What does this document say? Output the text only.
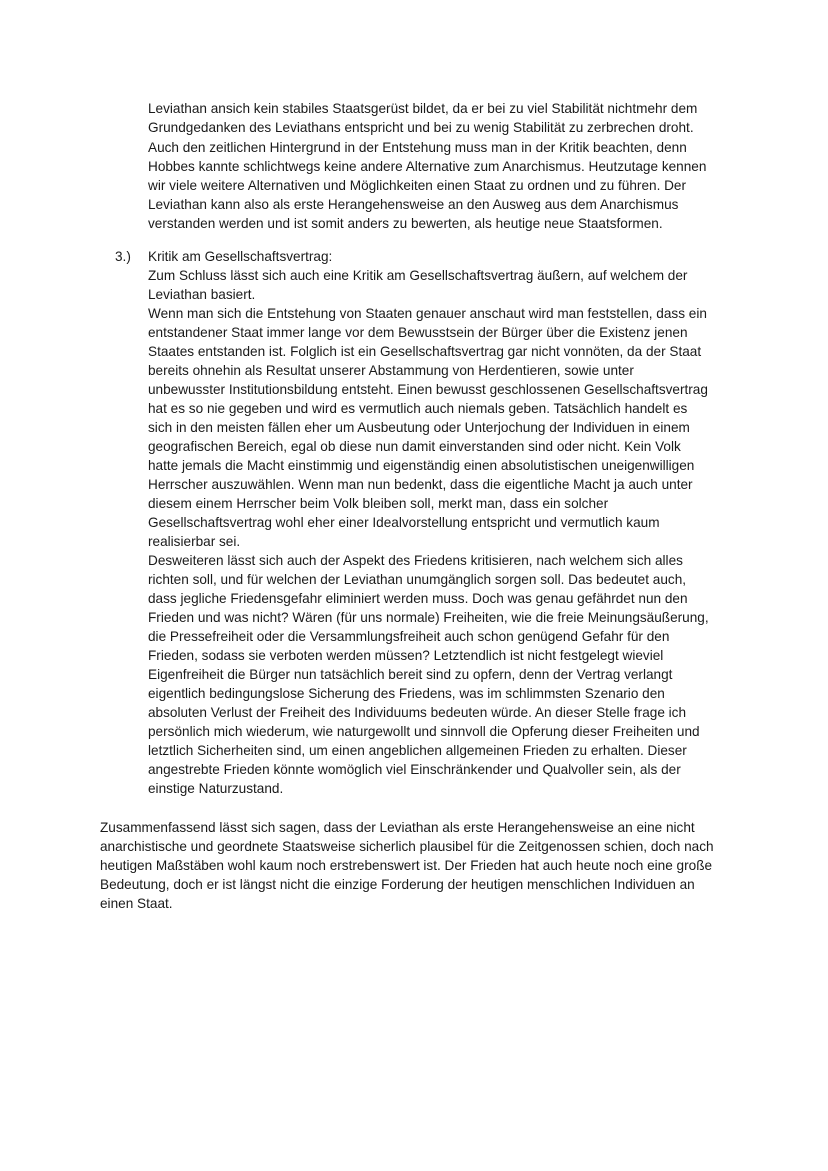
Leviathan ansich kein stabiles Staatsgerüst bildet, da er bei zu viel Stabilität nichtmehr dem
Grundgedanken des Leviathans entspricht und bei zu wenig Stabilität zu zerbrechen droht.
Auch den zeitlichen Hintergrund in der Entstehung muss man in der Kritik beachten, denn
Hobbes kannte schlichtwegs keine andere Alternative zum Anarchismus. Heutzutage kennen
wir viele weitere Alternativen und Möglichkeiten einen Staat zu ordnen und zu führen. Der
Leviathan kann also als erste Herangehensweise an den Ausweg aus dem Anarchismus
verstanden werden und ist somit anders zu bewerten, als heutige neue Staatsformen.
3.) Kritik am Gesellschaftsvertrag:
Zum Schluss lässt sich auch eine Kritik am Gesellschaftsvertrag äußern, auf welchem der
Leviathan basiert.
Wenn man sich die Entstehung von Staaten genauer anschaut wird man feststellen, dass ein
entstandener Staat immer lange vor dem Bewusstsein der Bürger über die Existenz jenen
Staates entstanden ist. Folglich ist ein Gesellschaftsvertrag gar nicht vonnöten, da der Staat
bereits ohnehin als Resultat unserer Abstammung von Herdentieren, sowie unter
unbewusster Institutionsbildung entsteht. Einen bewusst geschlossenen Gesellschaftsvertrag
hat es so nie gegeben und wird es vermutlich auch niemals geben. Tatsächlich handelt es
sich in den meisten fällen eher um Ausbeutung oder Unterjochung der Individuen in einem
geografischen Bereich, egal ob diese nun damit einverstanden sind oder nicht. Kein Volk
hatte jemals die Macht einstimmig und eigenständig einen absolutistischen uneigenwilligen
Herrscher auszuwählen. Wenn man nun bedenkt, dass die eigentliche Macht ja auch unter
diesem einem Herrscher beim Volk bleiben soll, merkt man, dass ein solcher
Gesellschaftsvertrag wohl eher einer Idealvorstellung entspricht und vermutlich kaum
realisierbar sei.
Desweiteren lässt sich auch der Aspekt des Friedens kritisieren, nach welchem sich alles
richten soll, und für welchen der Leviathan unumgänglich sorgen soll. Das bedeutet auch,
dass jegliche Friedensgefahr eliminiert werden muss. Doch was genau gefährdet nun den
Frieden und was nicht? Wären (für uns normale) Freiheiten, wie die freie Meinungsäußerung,
die Pressefreiheit oder die Versammlungsfreiheit auch schon genügend Gefahr für den
Frieden, sodass sie verboten werden müssen? Letztendlich ist nicht festgelegt wieviel
Eigenfreiheit die Bürger nun tatsächlich bereit sind zu opfern, denn der Vertrag verlangt
eigentlich bedingungslose Sicherung des Friedens, was im schlimmsten Szenario den
absoluten Verlust der Freiheit des Individuums bedeuten würde. An dieser Stelle frage ich
persönlich mich wiederum, wie naturgewollt und sinnvoll die Opferung dieser Freiheiten und
letztlich Sicherheiten sind, um einen angeblichen allgemeinen Frieden zu erhalten. Dieser
angestrebte Frieden könnte womöglich viel Einschränkender und Qualvoller sein, als der
einstige Naturzustand.
Zusammenfassend lässt sich sagen, dass der Leviathan als erste Herangehensweise an eine nicht
anarchistische und geordnete Staatsweise sicherlich plausibel für die Zeitgenossen schien, doch nach
heutigen Maßstäben wohl kaum noch erstrebenswert ist. Der Frieden hat auch heute noch eine große
Bedeutung, doch er ist längst nicht die einzige Forderung der heutigen menschlichen Individuen an
einen Staat.
